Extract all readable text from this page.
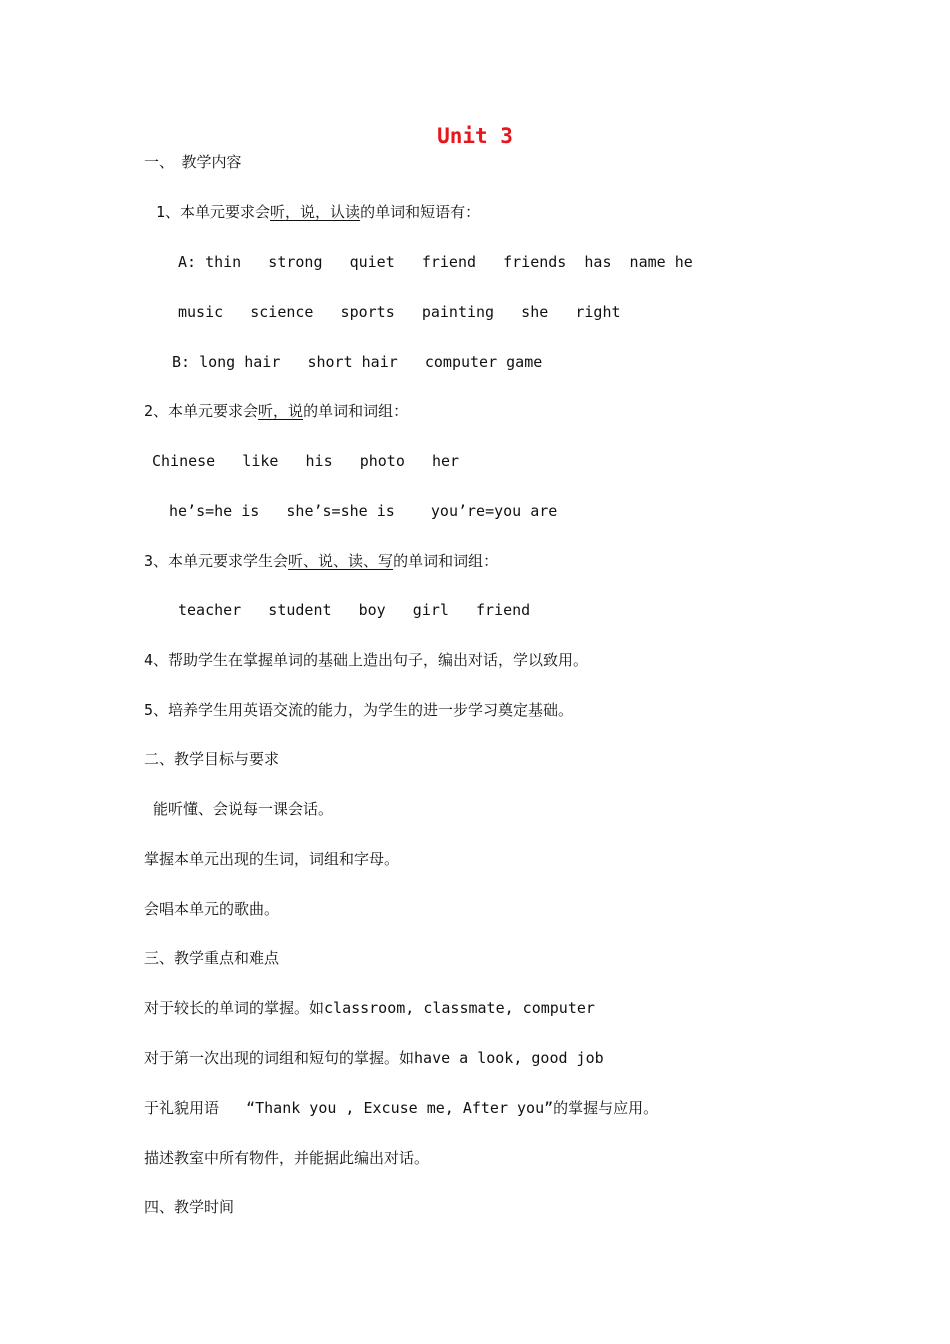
Unit 3
一、　教学内容
1、本单元要求会听，说，认读的单词和短语有：
A: thin   strong   quiet   friend   friends  has  name he
music   science   sports   painting   she   right
B: long hair   short hair   computer game
2、本单元要求会听，说的单词和词组：
Chinese   like   his   photo   her
he’s=he is   she’s=she is    you’re=you are
3、本单元要求学生会听、说、读、写的单词和词组：
teacher   student   boy   girl   friend
4、帮助学生在掌握单词的基础上造出句子，编出对话，学以致用。
5、培养学生用英语交流的能力，为学生的进一步学习奠定基础。
二、教学目标与要求
能听懂、会说每一课会话。
掌握本单元出现的生词，词组和字母。
会唱本单元的歌曲。
三、教学重点和难点
对于较长的单词的掌握。如classroom, classmate, computer
对于第一次出现的词组和短句的掌握。如have a look, good job
于礼貌用语   “Thank you , Excuse me, After you”的掌握与应用。
描述教室中所有物件，并能据此编出对话。
四、教学时间
